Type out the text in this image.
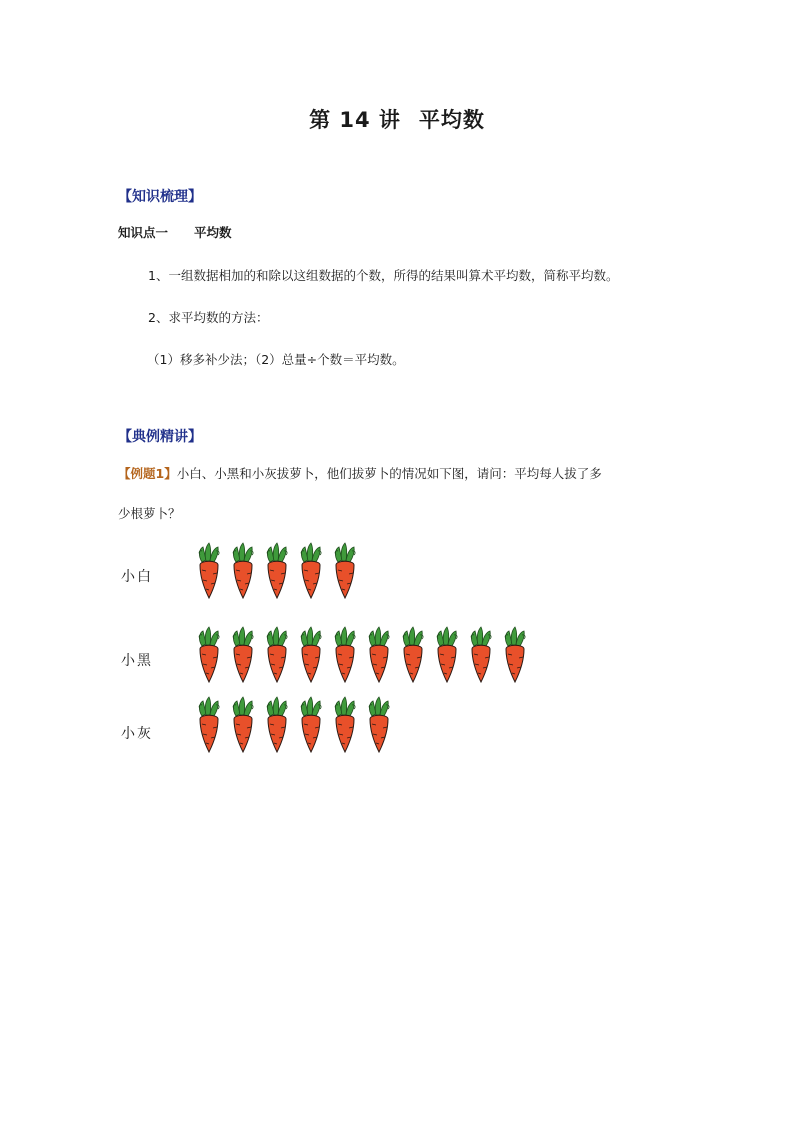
第 14 讲 平均数
【知识梳理】
知识点一 平均数
1、一组数据相加的和除以这组数据的个数，所得的结果叫算术平均数，简称平均数。
2、求平均数的方法：
（1）移多补少法；（2）总量÷个数＝平均数。
【典例精讲】
【例题1】小白、小黑和小灰拔萝卜，他们拔萝卜的情况如下图，请问：平均每人拔了多
少根萝卜？
小白
小黑
小灰
